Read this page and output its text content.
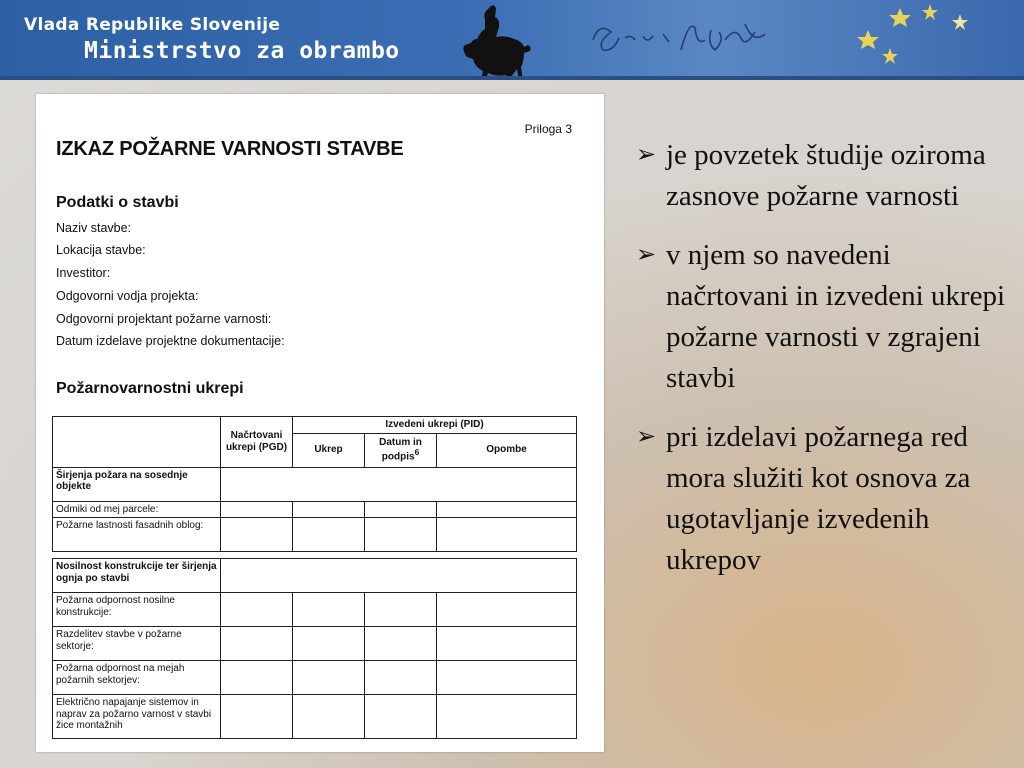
Vlada Republike Slovenije
Ministrstvo za obrambo
Priloga 3
IZKAZ POŽARNE VARNOSTI STAVBE
Podatki o stavbi
Naziv stavbe:
Lokacija stavbe:
Investitor:
Odgovorni vodja projekta:
Odgovorni projektant požarne varnosti:
Datum izdelave projektne dokumentacije:
Požarnovarnostni ukrepi
	Načrtovani ukrepi (PGD)	Izvedeni ukrepi (PID)		
		Ukrep	Datum in podpis$^6$	Opombe
Širjenja požara na sosednje objekte				
Odmiki od mej parcele:				
Požarne lastnosti fasadnih oblog:				

Nosilnost konstrukcije ter širjenja ognja po stavbi				
Požarna odpornost nosilne konstrukcije:				
Razdelitev stavbe v požarne sektorje:				
Požarna odpornost na mejah požarnih sektorjev:				
Električno napajanje sistemov in naprav za požarno varnost v stavbi žice montažnih				
➢ je povzetek študije oziroma zasnove požarne varnosti
➢ v njem so navedeni načrtovani in izvedeni ukrepi požarne varnosti v zgrajeni stavbi
➢ pri izdelavi požarnega red mora služiti kot osnova za ugotavljanje izvedenih ukrepov
